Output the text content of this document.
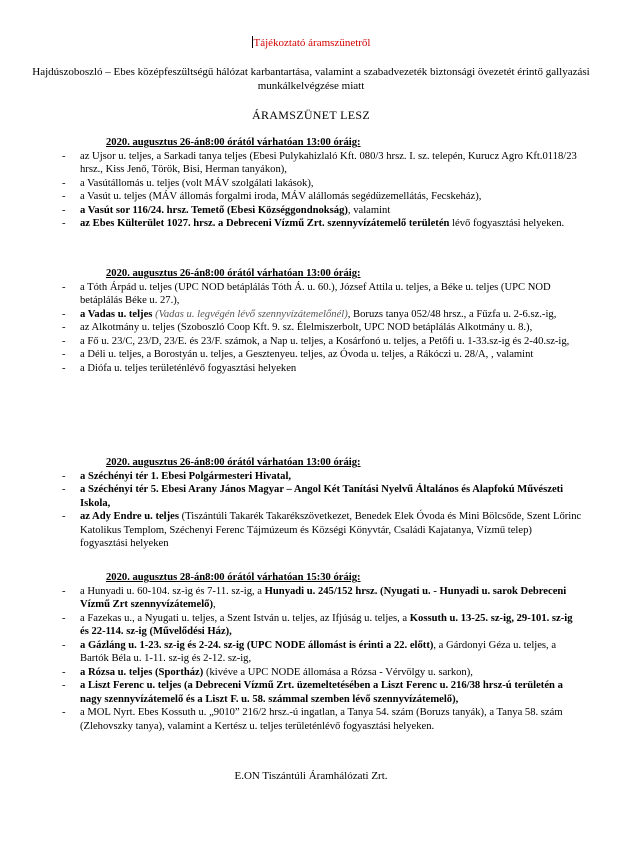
Tájékoztató áramszünetről
Hajdúszoboszló – Ebes középfeszültségű hálózat karbantartása, valamint a szabadvezeték biztonsági övezetét érintő gallyazási munkálkelvégzése miatt
ÁRAMSZÜNET LESZ

2020. augusztus 26-án8:00 órától várhatóan 13:00 óráig:

- az Ujsor u. teljes, a Sarkadi tanya teljes (Ebesi Pulykahizlaló Kft. 080/3 hrsz. I. sz. telepén, Kurucz Agro Kft.0118/23 hrsz., Kiss Jenő, Török, Bisi, Herman tanyákon),
- a Vasútállomás u. teljes (volt MÁV szolgálati lakások),
- a Vasút u. teljes (MÁV állomás forgalmi iroda, MÁV alállomás segédüzemellátás, Fecskeház),
- a Vasút sor 116/24. hrsz. Temető (Ebesi Községgondnokság), valamint
- az Ebes Külterület 1027. hrsz. a Debreceni Vízmű Zrt. szennyvízátemelő területén lévő fogyasztási helyeken.

2020. augusztus 26-án8:00 órától várhatóan 13:00 óráig:

- a Tóth Árpád u. teljes (UPC NOD betáplálás Tóth Á. u. 60.), József Attila u. teljes, a Béke u. teljes (UPC NOD betáplálás Béke u. 27.),
- a Vadas u. teljes (Vadas u. legvégén lévő szennyvízátemelőnél), Boruzs tanya 052/48 hrsz., a Fűzfa u. 2-6.sz.-ig,
- az Alkotmány u. teljes (Szoboszló Coop Kft. 9. sz. Élelmiszerbolt, UPC NOD betáplálás Alkotmány u. 8.),
- a Fő u. 23/C, 23/D, 23/E. és 23/F. számok, a Nap u. teljes, a Kosárfonó u. teljes, a Petőfi u. 1-33.sz-ig és 2-40.sz-ig,
- a Déli u. teljes, a Borostyán u. teljes, a Gesztenyeu. teljes, az Óvoda u. teljes, a Rákóczi u. 28/A, , valamint
- a Diófa u. teljes területénlévő fogyasztási helyeken

2020. augusztus 26-án8:00 órától várhatóan 13:00 óráig:

- a Széchényi tér 1. Ebesi Polgármesteri Hivatal,
- a Széchényi tér 5. Ebesi Arany János Magyar – Angol Két Tanítási Nyelvű Általános és Alapfokú Művészeti Iskola,
- az Ady Endre u. teljes (Tiszántúli Takarék Takarékszövetkezet, Benedek Elek Óvoda és Mini Bölcsőde, Szent Lőrinc Katolikus Templom, Széchenyi Ferenc Tájmúzeum és Községi Könyvtár, Családi Kajatanya, Vízmű telep) fogyasztási helyeken

2020. augusztus 28-án8:00 órától várhatóan 15:30 óráig:

- a Hunyadi u. 60-104. sz-ig és 7-11. sz-ig, a Hunyadi u. 245/152 hrsz. (Nyugati u. - Hunyadi u. sarok Debreceni Vízmű Zrt szennyvízátemelő),
- a Fazekas u., a Nyugati u. teljes, a Szent István u. teljes, az Ifjúság u. teljes, a Kossuth u. 13-25. sz-ig, 29-101. sz-ig és 22-114. sz-ig (Művelődési Ház),
- a Gázláng u. 1-23. sz-ig és 2-24. sz-ig (UPC NODE állomást is érinti a 22. előtt), a Gárdonyi Géza u. teljes, a Bartók Béla u. 1-11. sz-ig és 2-12. sz-ig,
- a Rózsa u. teljes (Sportház) (kivéve a UPC NODE állomása a Rózsa - Vérvölgy u. sarkon),
- a Liszt Ferenc u. teljes (a Debreceni Vízmű Zrt. üzemeltetésében a Liszt Ferenc u. 216/38 hrsz-ú területén a nagy szennyvízátemelő és a Liszt F. u. 58. számmal szemben lévő szennyvízátemelő),
- a MOL Nyrt. Ebes Kossuth u. „9010” 216/2 hrsz.-ú ingatlan, a Tanya 54. szám (Boruzs tanyák), a Tanya 58. szám (Zlehovszky tanya), valamint a Kertész u. teljes területénlévő fogyasztási helyeken.
E.ON Tiszántúli Áramhálózati Zrt.
